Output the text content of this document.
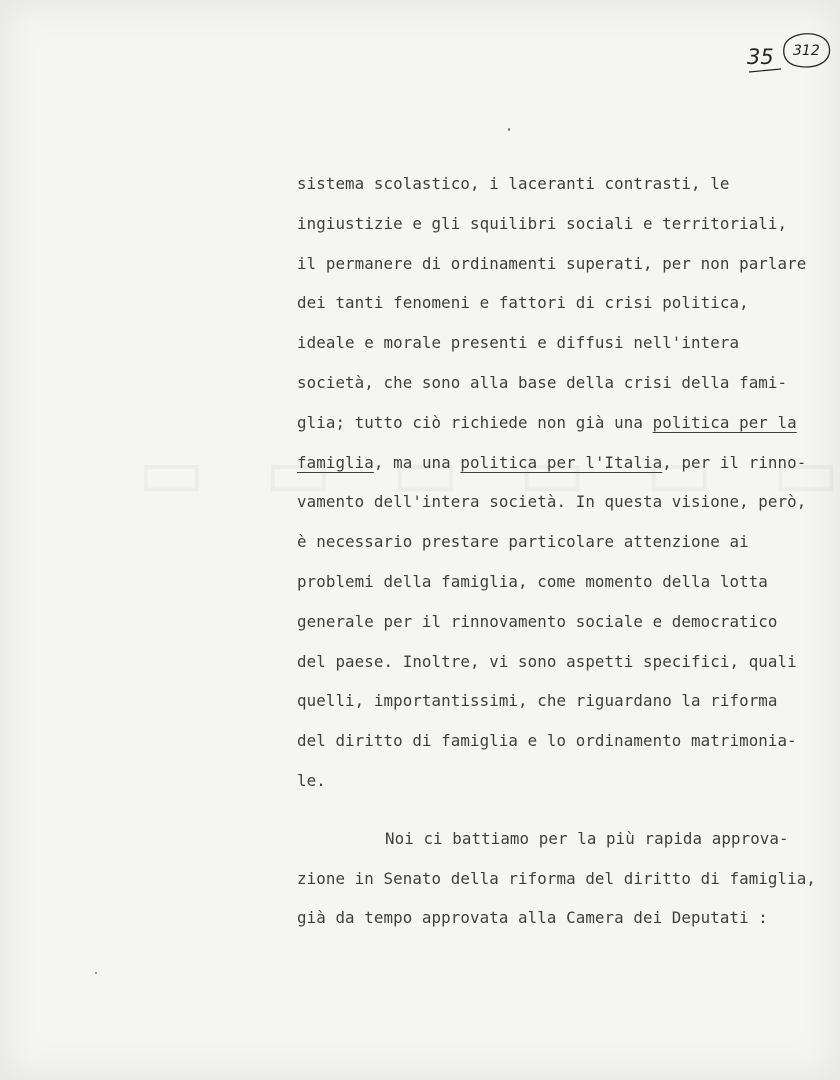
312
35
sistema scolastico, i laceranti contrasti, le
ingiustizie e gli squilibri sociali e territoriali,
il permanere di ordinamenti superati, per non parlare
dei tanti fenomeni e fattori di crisi politica,
ideale e morale presenti e diffusi nell'intera
società, che sono alla base della crisi della fami-
glia; tutto ciò richiede non già una politica per la
famiglia, ma una politica per l'Italia, per il rinno-
vamento dell'intera società. In questa visione, però,
è necessario prestare particolare attenzione ai
problemi della famiglia, come momento della lotta
generale per il rinnovamento sociale e democratico
del paese. Inoltre, vi sono aspetti specifici, quali
quelli, importantissimi, che riguardano la riforma
del diritto di famiglia e lo ordinamento matrimonia-
le.
Noi ci battiamo per la più rapida approva-
zione in Senato della riforma del diritto di famiglia,
già da tempo approvata alla Camera dei Deputati :
